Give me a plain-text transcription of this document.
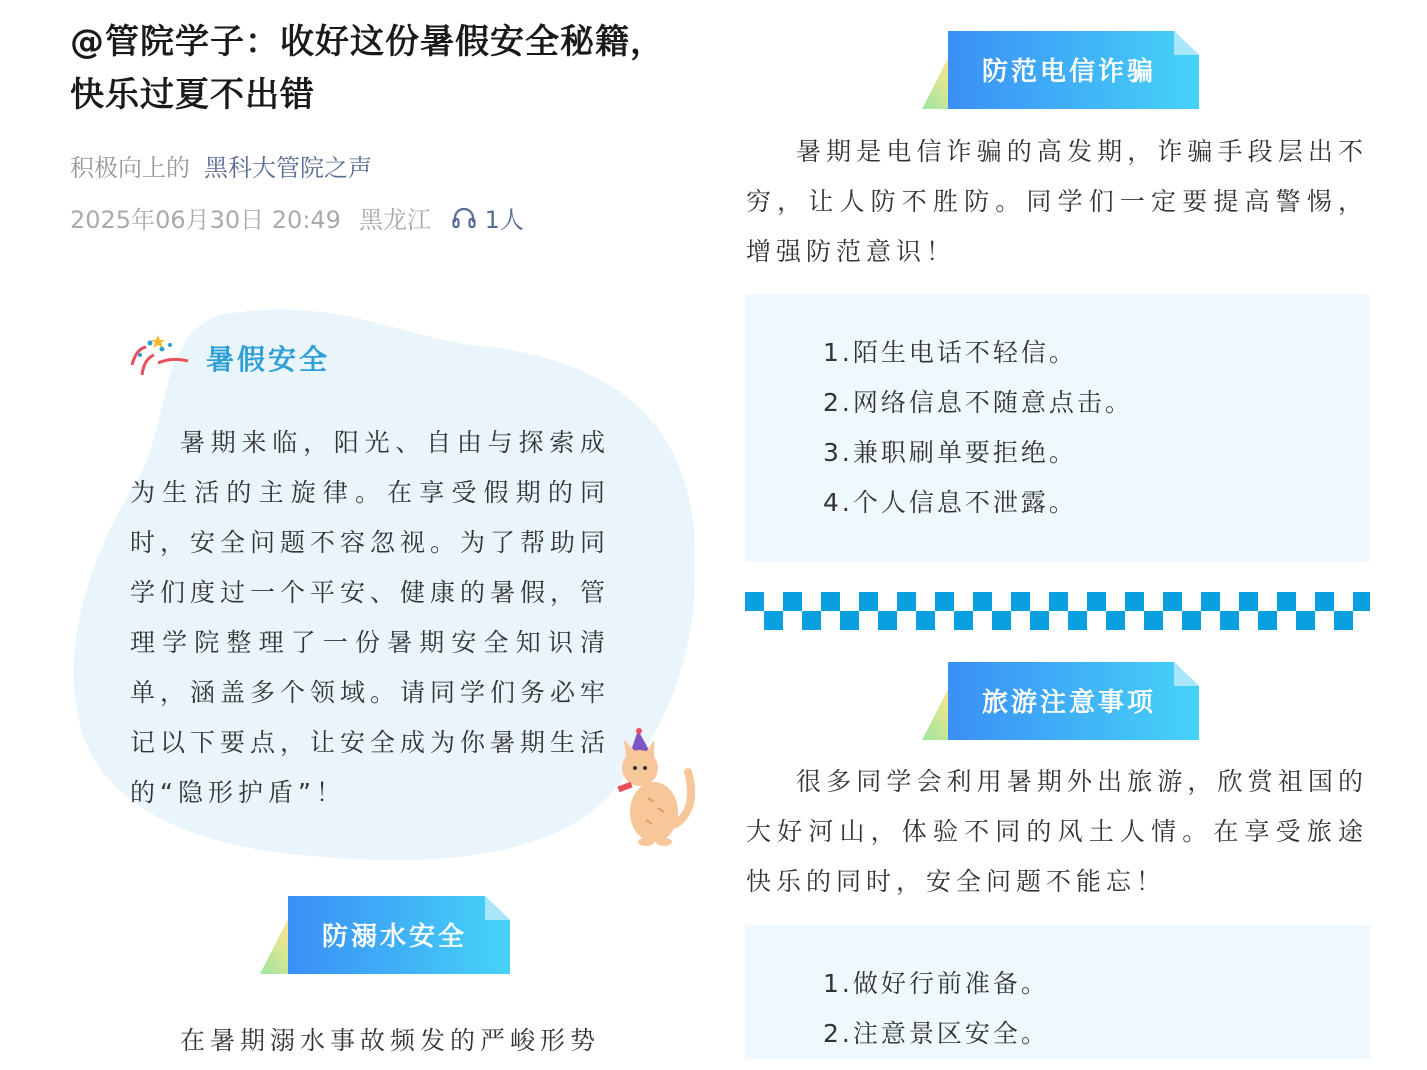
@管院学子：收好这份暑假安全秘籍，快乐过夏不出错
积极向上的 黑科大管院之声
2025年06月30日 20:49 黑龙江 1人
暑假安全

暑期来临，阳光、自由与探索成为生活的主旋律。在享受假期的同时，安全问题不容忽视。为了帮助同学们度过一个平安、健康的暑假，管理学院整理了一份暑期安全知识清单，涵盖多个领域。请同学们务必牢记以下要点，让安全成为你暑期生活的“隐形护盾”！

防溺水安全

在暑期溺水事故频发的严峻形势

防范电信诈骗

暑期是电信诈骗的高发期，诈骗手段层出不穷，让人防不胜防。同学们一定要提高警惕，增强防范意识！

1.陌生电话不轻信。
2.网络信息不随意点击。
3.兼职刷单要拒绝。
4.个人信息不泄露。
旅游注意事项

很多同学会利用暑期外出旅游，欣赏祖国的大好河山，体验不同的风土人情。在享受旅途快乐的同时，安全问题不能忘！

1.做好行前准备。
2.注意景区安全。
